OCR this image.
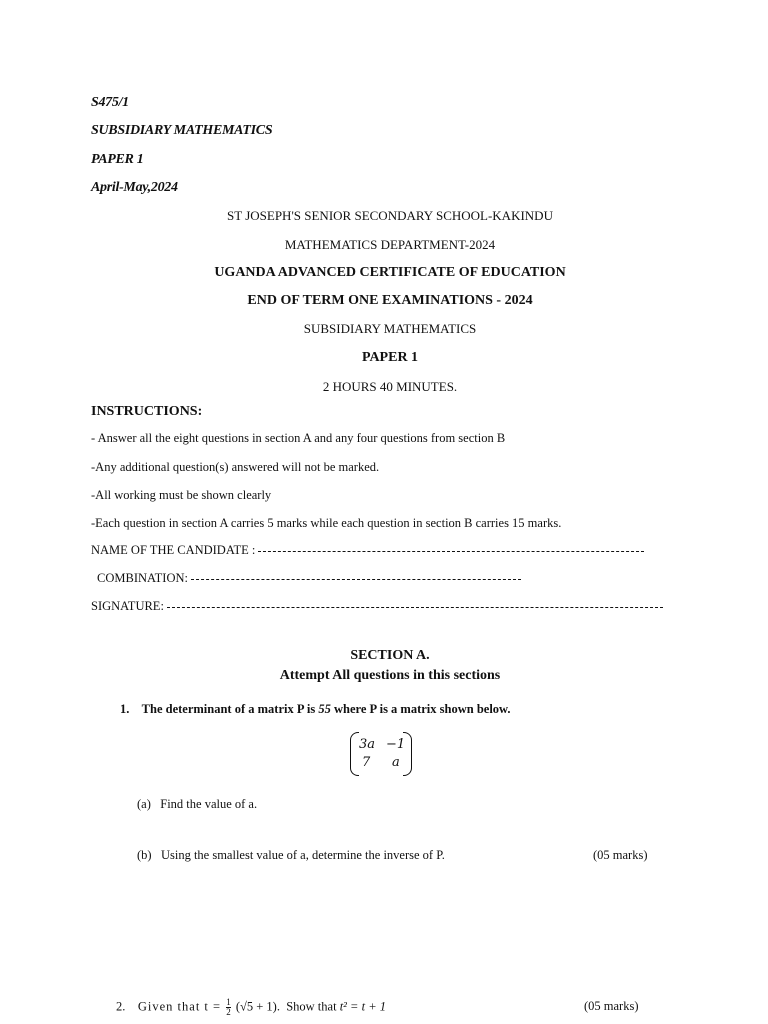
S475/1
SUBSIDIARY MATHEMATICS
PAPER 1
April-May,2024
ST JOSEPH'S SENIOR SECONDARY SCHOOL-KAKINDU
MATHEMATICS DEPARTMENT-2024
UGANDA ADVANCED CERTIFICATE OF EDUCATION
END OF TERM ONE EXAMINATIONS - 2024
SUBSIDIARY MATHEMATICS
PAPER 1
2 HOURS 40 MINUTES.
INSTRUCTIONS:
- Answer all the eight questions in section A and any four questions from section B
-Any additional question(s) answered will not be marked.
-All working must be shown clearly
-Each question in section A carries 5 marks while each question in section B carries 15 marks.
NAME OF THE CANDIDATE :
COMBINATION:
SIGNATURE:
SECTION A.
Attempt All questions in this sections
1. The determinant of a matrix P is 55 where P is a matrix shown below.
3a −1
7 a
(a) Find the value of a.
(b) Using the smallest value of a, determine the inverse of P.	(05 marks)
2. Given that $t = \frac{1}{2} (√5 + 1)$. Show that t² = t + 1	(05 marks)
